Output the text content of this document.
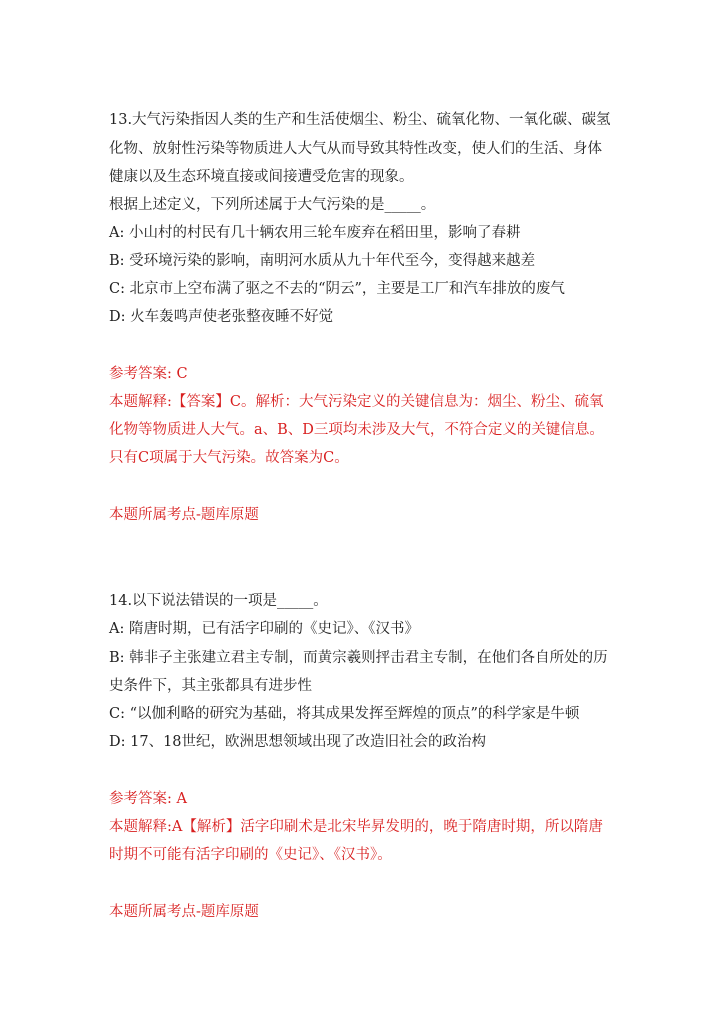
13.大气污染指因人类的生产和生活使烟尘、粉尘、硫氧化物、一氧化碳、碳氢
化物、放射性污染等物质进人大气从而导致其特性改变，使人们的生活、身体
健康以及生态环境直接或间接遭受危害的现象。
根据上述定义，下列所述属于大气污染的是_____。
A: 小山村的村民有几十辆农用三轮车废弃在稻田里，影响了春耕
B: 受环境污染的影响，南明河水质从九十年代至今，变得越来越差
C: 北京市上空布满了驱之不去的“阴云”，主要是工厂和汽车排放的废气
D: 火车轰鸣声使老张整夜睡不好觉
参考答案: C
本题解释:【答案】C。解析：大气污染定义的关键信息为：烟尘、粉尘、硫氧
化物等物质进人大气。a、B、D三项均未涉及大气，不符合定义的关键信息。
只有C项属于大气污染。故答案为C。
本题所属考点-题库原题
14.以下说法错误的一项是_____。
A: 隋唐时期，已有活字印刷的《史记》、《汉书》
B: 韩非子主张建立君主专制，而黄宗羲则抨击君主专制，在他们各自所处的历
史条件下，其主张都具有进步性
C: “以伽利略的研究为基础，将其成果发挥至辉煌的顶点”的科学家是牛顿
D: 17、18世纪，欧洲思想领域出现了改造旧社会的政治构
参考答案: A
本题解释:A【解析】活字印刷术是北宋毕昇发明的，晚于隋唐时期，所以隋唐
时期不可能有活字印刷的《史记》、《汉书》。
本题所属考点-题库原题
